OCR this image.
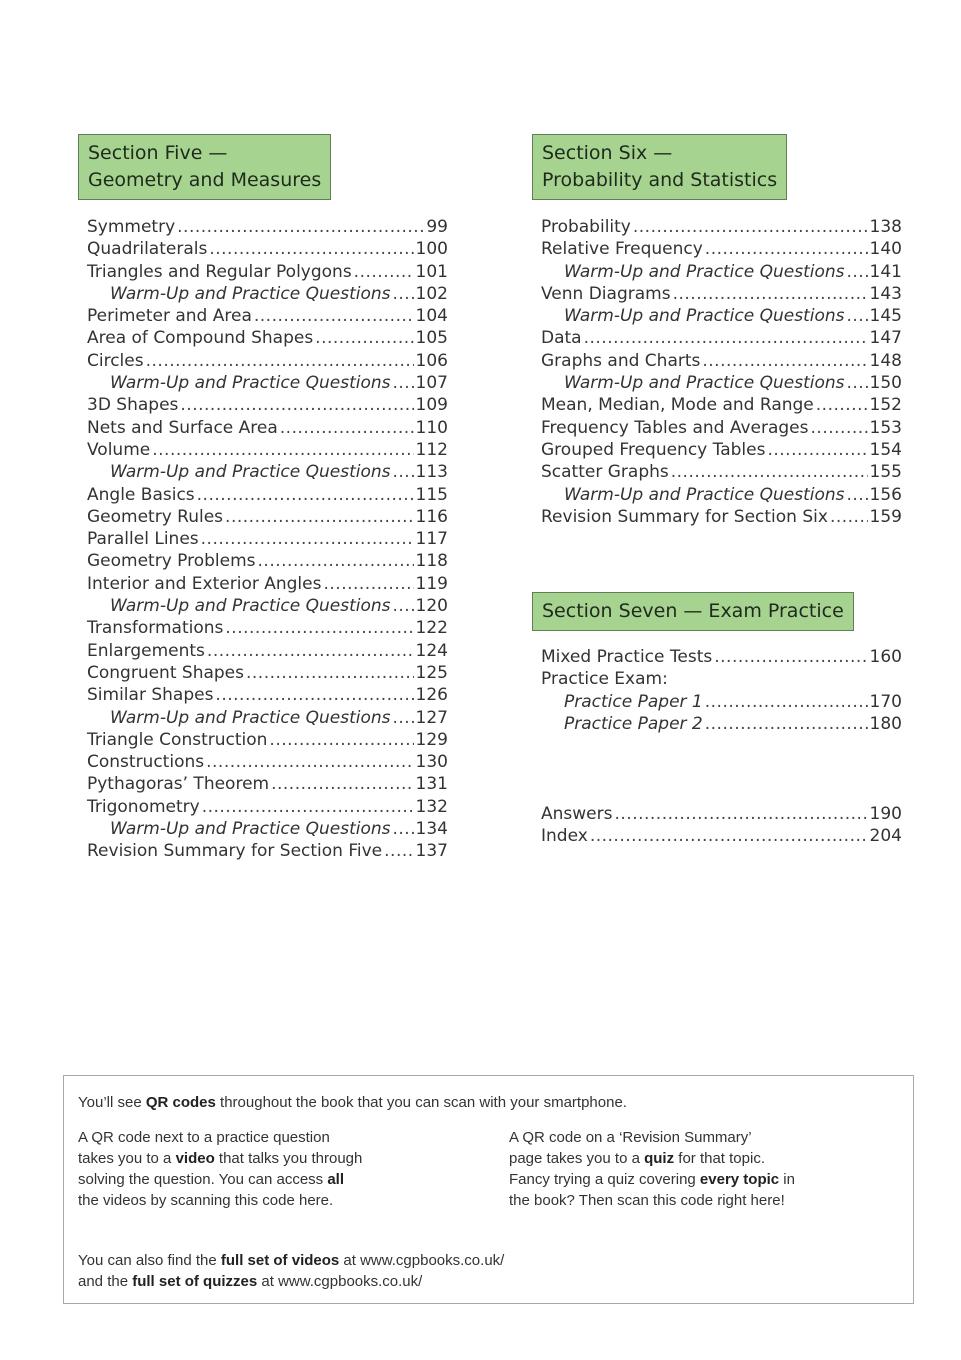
Section Five —
Geometry and Measures
Symmetry .....	99
Quadrilaterals .....	100
Triangles and Regular Polygons .....	101
Warm-Up and Practice Questions ..... 102
Perimeter and Area .....	104
Area of Compound Shapes .....	105
Circles .....	106
Warm-Up and Practice Questions ..... 107
3D Shapes .....	109
Nets and Surface Area .....	110
Volume .....	112
Warm-Up and Practice Questions ..... 113
Angle Basics .....	115
Geometry Rules .....	116
Parallel Lines .....	117
Geometry Problems .....	118
Interior and Exterior Angles .....	119
Warm-Up and Practice Questions ..... 120
Transformations .....	122
Enlargements .....	124
Congruent Shapes .....	125
Similar Shapes .....	126
Warm-Up and Practice Questions ..... 127
Triangle Construction .....	129
Constructions .....	130
Pythagoras’ Theorem .....	131
Trigonometry .....	132
Warm-Up and Practice Questions ..... 134
Revision Summary for Section Five ..... 137
Section Six —
Probability and Statistics
Probability .....	138
Relative Frequency .....	140
Warm-Up and Practice Questions ..... 141
Venn Diagrams .....	143
Warm-Up and Practice Questions ..... 145
Data .....	147
Graphs and Charts .....	148
Warm-Up and Practice Questions ..... 150
Mean, Median, Mode and Range .....	152
Frequency Tables and Averages .....	153
Grouped Frequency Tables .....	154
Scatter Graphs .....	155
Warm-Up and Practice Questions ..... 156
Revision Summary for Section Six ..... 159
Section Seven — Exam Practice
Mixed Practice Tests .....	160
Practice Exam:
Practice Paper 1 .....	170
Practice Paper 2 .....	180
Answers .....	190
Index .....	204

You’ll see QR codes throughout the book that you can scan with your smartphone.

A QR code next to a practice question

takes you to a video that talks you through

solving the question. You can access all

the videos by scanning this code here.

A QR code on a ‘Revision Summary’

page takes you to a quiz for that topic.

Fancy trying a quiz covering every topic in

the book? Then scan this code right here!

You can also find the full set of videos at www.cgpbooks.co.uk/

and the full set of quizzes at www.cgpbooks.co.uk/
